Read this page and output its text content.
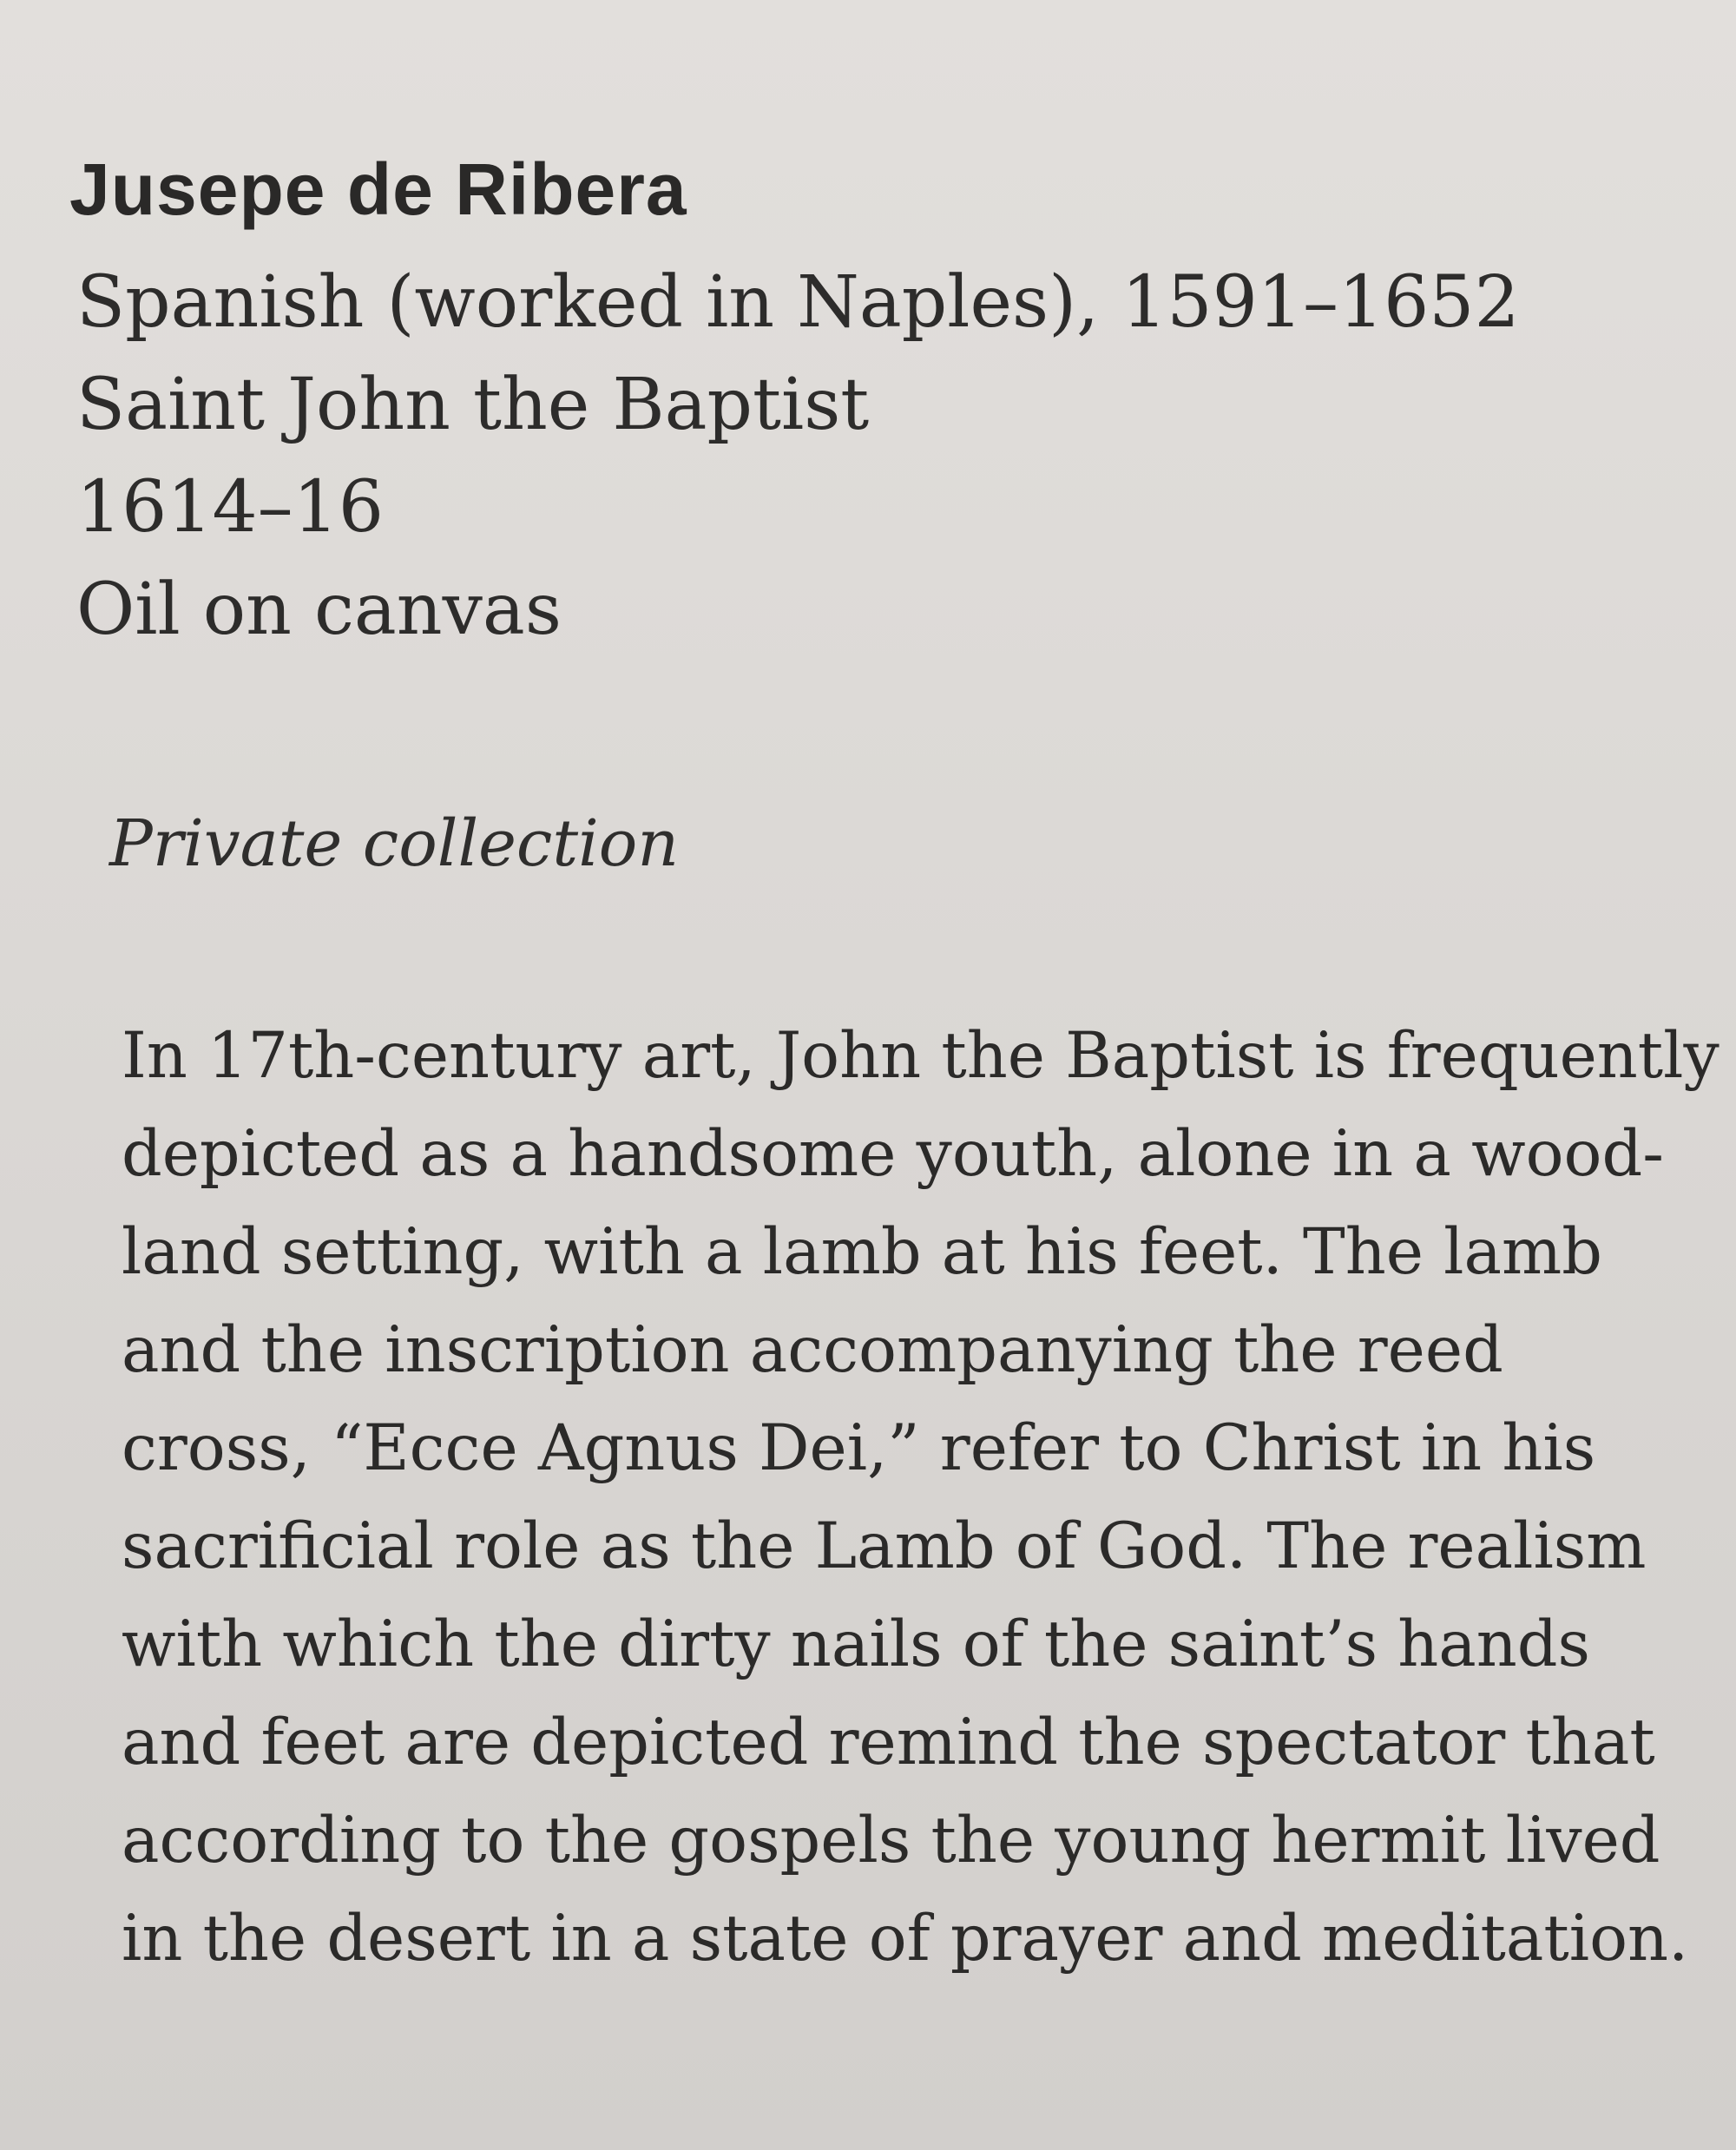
Jusepe de Ribera
Spanish (worked in Naples), 1591–1652
Saint John the Baptist
1614–16
Oil on canvas

Private collection

In 17th-century art, John the Baptist is frequently
depicted as a handsome youth, alone in a wood-
land setting, with a lamb at his feet. The lamb
and the inscription accompanying the reed
cross, “Ecce Agnus Dei,” refer to Christ in his
sacrificial role as the Lamb of God. The realism
with which the dirty nails of the saint’s hands
and feet are depicted remind the spectator that
according to the gospels the young hermit lived
in the desert in a state of prayer and meditation.
